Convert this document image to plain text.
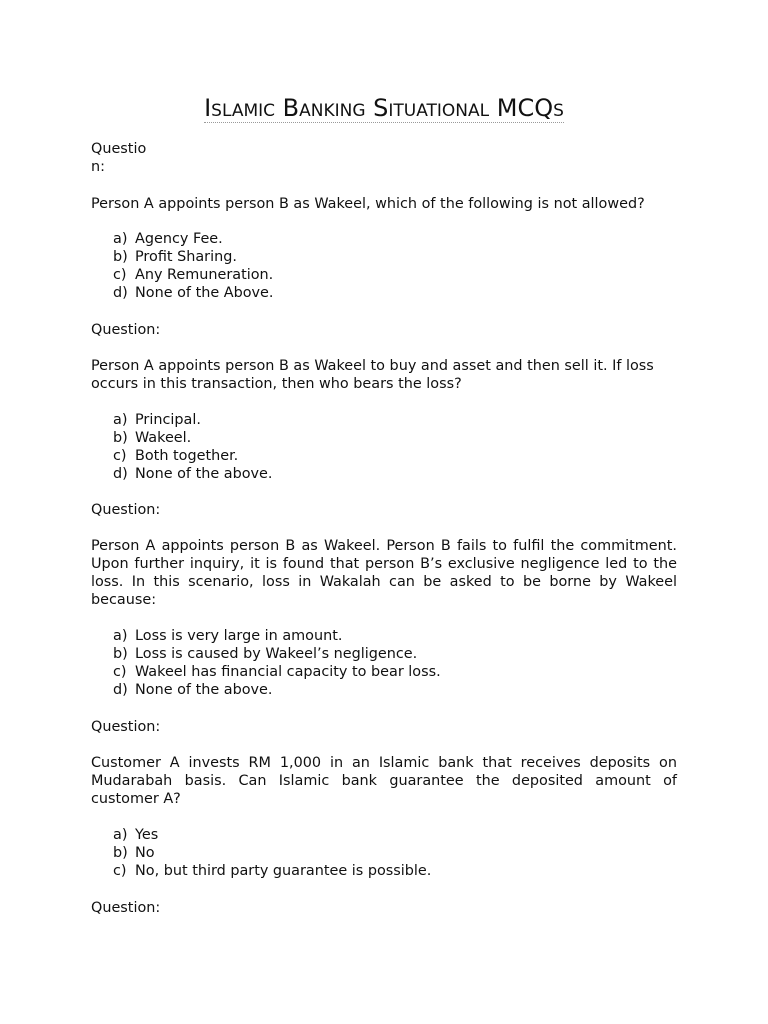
Islamic Banking Situational MCQs
Question:
Person A appoints person B as Wakeel, which of the following is not allowed?
a) Agency Fee.
b) Profit Sharing.
c) Any Remuneration.
d) None of the Above.
Question:
Person A appoints person B as Wakeel to buy and asset and then sell it. If loss occurs in this transaction, then who bears the loss?
a) Principal.
b) Wakeel.
c) Both together.
d) None of the above.
Question:
Person A appoints person B as Wakeel. Person B fails to fulfil the commitment. Upon further inquiry, it is found that person B’s exclusive negligence led to the loss. In this scenario, loss in Wakalah can be asked to be borne by Wakeel because:
a) Loss is very large in amount.
b) Loss is caused by Wakeel’s negligence.
c) Wakeel has financial capacity to bear loss.
d) None of the above.
Question:
Customer A invests RM 1,000 in an Islamic bank that receives deposits on Mudarabah basis. Can Islamic bank guarantee the deposited amount of customer A?
a) Yes
b) No
c) No, but third party guarantee is possible.
Question:
